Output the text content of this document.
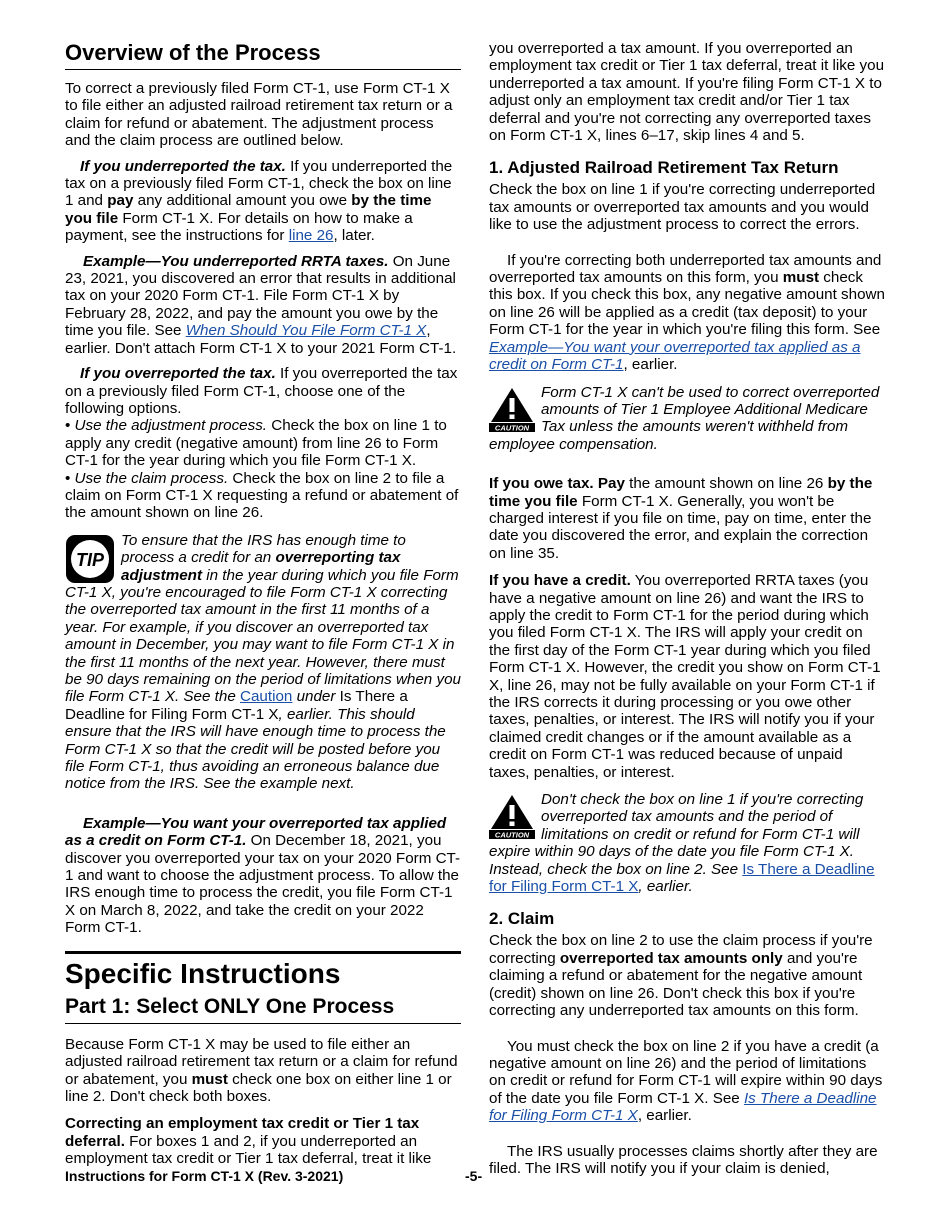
Overview of the Process

To correct a previously filed Form CT-1, use Form CT-1 X to file either an adjusted railroad retirement tax return or a claim for refund or abatement. The adjustment process and the claim process are outlined below.

If you underreported the tax. If you underreported the tax on a previously filed Form CT-1, check the box on line 1 and pay any additional amount you owe by the time you file Form CT-1 X. For details on how to make a payment, see the instructions for line 26, later.

Example—You underreported RRTA taxes. On June 23, 2021, you discovered an error that results in additional tax on your 2020 Form CT-1. File Form CT-1 X by February 28, 2022, and pay the amount you owe by the time you file. See When Should You File Form CT-1 X, earlier. Don't attach Form CT-1 X to your 2021 Form CT-1.

If you overreported the tax. If you overreported the tax on a previously filed Form CT-1, choose one of the following options.

• Use the adjustment process. Check the box on line 1 to apply any credit (negative amount) from line 26 to Form CT-1 for the year during which you file Form CT-1 X.

• Use the claim process. Check the box on line 2 to file a claim on Form CT-1 X requesting a refund or abatement of the amount shown on line 26.

TIP
To ensure that the IRS has enough time to process a credit for an overreporting tax adjustment in the year during which you file Form CT-1 X, you're encouraged to file Form CT-1 X correcting the overreported tax amount in the first 11 months of a year. For example, if you discover an overreported tax amount in December, you may want to file Form CT-1 X in the first 11 months of the next year. However, there must be 90 days remaining on the period of limitations when you file Form CT-1 X. See the Caution under Is There a Deadline for Filing Form CT-1 X, earlier. This should ensure that the IRS will have enough time to process the Form CT-1 X so that the credit will be posted before you file Form CT-1, thus avoiding an erroneous balance due notice from the IRS. See the example next.

Example—You want your overreported tax applied as a credit on Form CT-1. On December 18, 2021, you discover you overreported your tax on your 2020 Form CT-1 and want to choose the adjustment process. To allow the IRS enough time to process the credit, you file Form CT-1 X on March 8, 2022, and take the credit on your 2022 Form CT-1.

Specific Instructions
Part 1: Select ONLY One Process

Because Form CT-1 X may be used to file either an adjusted railroad retirement tax return or a claim for refund or abatement, you must check one box on either line 1 or line 2. Don't check both boxes.

Correcting an employment tax credit or Tier 1 tax deferral. For boxes 1 and 2, if you underreported an employment tax credit or Tier 1 tax deferral, treat it like

you overreported a tax amount. If you overreported an employment tax credit or Tier 1 tax deferral, treat it like you underreported a tax amount. If you're filing Form CT-1 X to adjust only an employment tax credit and/or Tier 1 tax deferral and you're not correcting any overreported taxes on Form CT-1 X, lines 6–17, skip lines 4 and 5.

1. Adjusted Railroad Retirement Tax Return

Check the box on line 1 if you're correcting underreported tax amounts or overreported tax amounts and you would like to use the adjustment process to correct the errors.

If you're correcting both underreported tax amounts and overreported tax amounts on this form, you must check this box. If you check this box, any negative amount shown on line 26 will be applied as a credit (tax deposit) to your Form CT-1 for the year in which you're filing this form. See Example—You want your overreported tax applied as a credit on Form CT-1, earlier.

CAUTION
Form CT-1 X can't be used to correct overreported amounts of Tier 1 Employee Additional Medicare Tax unless the amounts weren't withheld from employee compensation.

If you owe tax. Pay the amount shown on line 26 by the time you file Form CT-1 X. Generally, you won't be charged interest if you file on time, pay on time, enter the date you discovered the error, and explain the correction on line 35.

If you have a credit. You overreported RRTA taxes (you have a negative amount on line 26) and want the IRS to apply the credit to Form CT-1 for the period during which you filed Form CT-1 X. The IRS will apply your credit on the first day of the Form CT-1 year during which you filed Form CT-1 X. However, the credit you show on Form CT-1 X, line 26, may not be fully available on your Form CT-1 if the IRS corrects it during processing or you owe other taxes, penalties, or interest. The IRS will notify you if your claimed credit changes or if the amount available as a credit on Form CT-1 was reduced because of unpaid taxes, penalties, or interest.

CAUTION
Don't check the box on line 1 if you're correcting overreported tax amounts and the period of limitations on credit or refund for Form CT-1 will expire within 90 days of the date you file Form CT-1 X. Instead, check the box on line 2. See Is There a Deadline for Filing Form CT-1 X, earlier.
2. Claim

Check the box on line 2 to use the claim process if you're correcting overreported tax amounts only and you're claiming a refund or abatement for the negative amount (credit) shown on line 26. Don't check this box if you're correcting any underreported tax amounts on this form.

You must check the box on line 2 if you have a credit (a negative amount on line 26) and the period of limitations on credit or refund for Form CT-1 will expire within 90 days of the date you file Form CT-1 X. See Is There a Deadline for Filing Form CT-1 X, earlier.

The IRS usually processes claims shortly after they are filed. The IRS will notify you if your claim is denied,

Instructions for Form CT-1 X (Rev. 3-2021)	-5-
